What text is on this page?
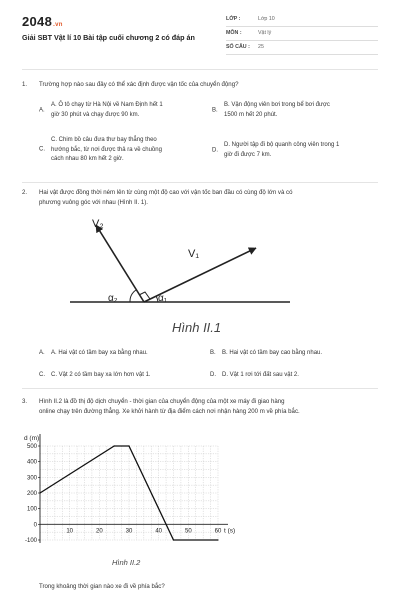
2048.vn
Giải SBT Vật lí 10 Bài tập cuối chương 2 có đáp án
LỚP :	Lớp 10
MÔN :	Vật lý
SỐ CÂU : 25
1. Trường hợp nào sau đây có thể xác định được vận tốc của chuyển động?
A.
A. Ô tô chạy từ Hà Nội về Nam Định hết 1
giờ 30 phút và chạy được 90 km.
B.
B. Vận động viên bơi trong bể bơi được
1500 m hết 20 phút.
C.
C. Chim bồ câu đưa thư bay thẳng theo
hướng bắc, từ nơi được thả ra về chuồng
cách nhau 80 km hết 2 giờ.
D.
D. Người tập đi bộ quanh công viên trong 1
giờ đi được 7 km.
2. Hai vật được đồng thời ném lên từ cùng một độ cao với vận tốc ban đầu có cùng độ lớn và có
phương vuông góc với nhau (Hình II. 1).
V₂
V₁
α₂	α₁
Hình II.1
A. A. Hai vật có tầm bay xa bằng nhau.	B. B. Hai vật có tầm bay cao bằng nhau.
C. C. Vật 2 có tầm bay xa lớn hơn vật 1.	D. D. Vật 1 rơi tới đất sau vật 2.
3. Hình II.2 là đồ thị độ dịch chuyển - thời gian của chuyển động của một xe máy đi giao hàng
online chạy trên đường thẳng. Xe khởi hành từ địa điểm cách nơi nhận hàng 200 m về phía bắc.
500
400
300
200
100
0
-100
10	20	30	40	50	60
d (m)
t (s)
Hình II.2
Trong khoảng thời gian nào xe đi về phía bắc?
